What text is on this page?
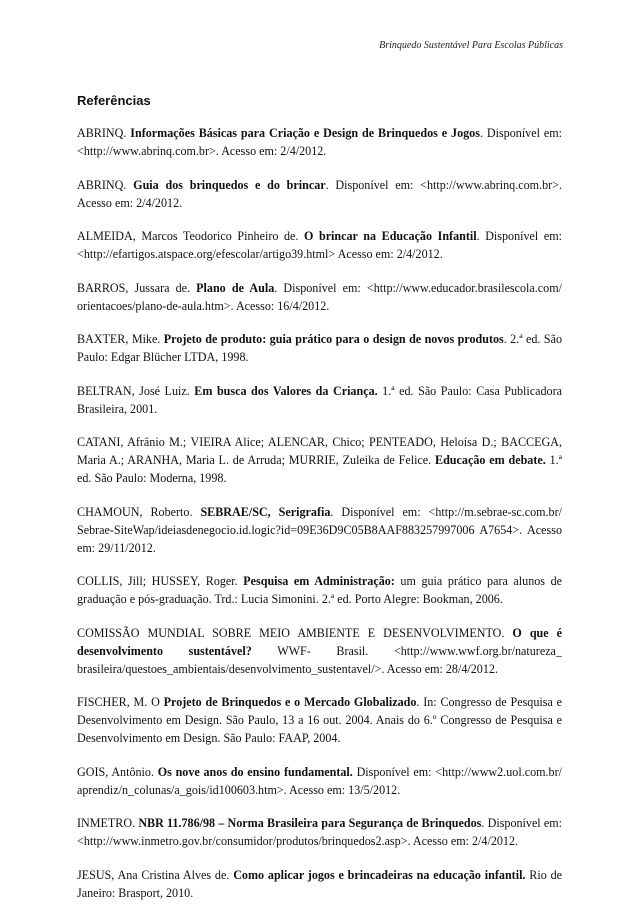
Brinquedo Sustentável Para Escolas Públicas
Referências

ABRINQ. Informações Básicas para Criação e Design de Brinquedos e Jogos. Disponível em: <http://www.abrinq.com.br>. Acesso em: 2/4/2012.

ABRINQ. Guia dos brinquedos e do brincar. Disponível em: <http://www.abrinq.com.br>. Acesso em: 2/4/2012.

ALMEIDA, Marcos Teodorico Pinheiro de. O brincar na Educação Infantil. Disponível em: <http://efartigos.atspace.org/efescolar/artigo39.html> Acesso em: 2/4/2012.

BARROS, Jussara de. Plano de Aula. Disponível em: <http://www.educador.brasilescola.com/ orientacoes/plano-de-aula.htm>. Acesso: 16/4/2012.

BAXTER, Mike. Projeto de produto: guia prático para o design de novos produtos. 2.ª ed. São Paulo: Edgar Blücher LTDA, 1998.

BELTRAN, José Luiz. Em busca dos Valores da Criança. 1.ª ed. São Paulo: Casa Publicadora Brasileira, 2001.

CATANI, Afrânio M.; VIEIRA Alice; ALENCAR, Chico; PENTEADO, Heloísa D.; BACCEGA, Maria A.; ARANHA, Maria L. de Arruda; MURRIE, Zuleika de Felice. Educação em debate. 1.ª ed. São Paulo: Moderna, 1998.

CHAMOUN, Roberto. SEBRAE/SC, Serigrafia. Disponível em: <http://m.sebrae-sc.com.br/ Sebrae-SiteWap/ideiasdenegocio.id.logic?id=09E36D9C05B8AAF883257997006 A7654>. Acesso em: 29/11/2012.

COLLIS, Jill; HUSSEY, Roger. Pesquisa em Administração: um guia prático para alunos de graduação e pós-graduação. Trd.: Lucia Simonini. 2.ª ed. Porto Alegre: Bookman, 2006.

COMISSÃO MUNDIAL SOBRE MEIO AMBIENTE E DESENVOLVIMENTO. O que é desenvolvimento sustentável? WWF- Brasil. <http://www.wwf.org.br/natureza_ brasileira/questoes_ambientais/desenvolvimento_sustentavel/>. Acesso em: 28/4/2012.

FISCHER, M. O Projeto de Brinquedos e o Mercado Globalizado. In: Congresso de Pesquisa e Desenvolvimento em Design. São Paulo, 13 a 16 out. 2004. Anais do 6.º Congresso de Pesquisa e Desenvolvimento em Design. São Paulo: FAAP, 2004.

GOIS, Antônio. Os nove anos do ensino fundamental. Disponível em: <http://www2.uol.com.br/ aprendiz/n_colunas/a_gois/id100603.htm>. Acesso em: 13/5/2012.

INMETRO. NBR 11.786/98 – Norma Brasileira para Segurança de Brinquedos. Disponível em: <http://www.inmetro.gov.br/consumidor/produtos/brinquedos2.asp>. Acesso em: 2/4/2012.

JESUS, Ana Cristina Alves de. Como aplicar jogos e brincadeiras na educação infantil. Rio de Janeiro: Brasport, 2010.
